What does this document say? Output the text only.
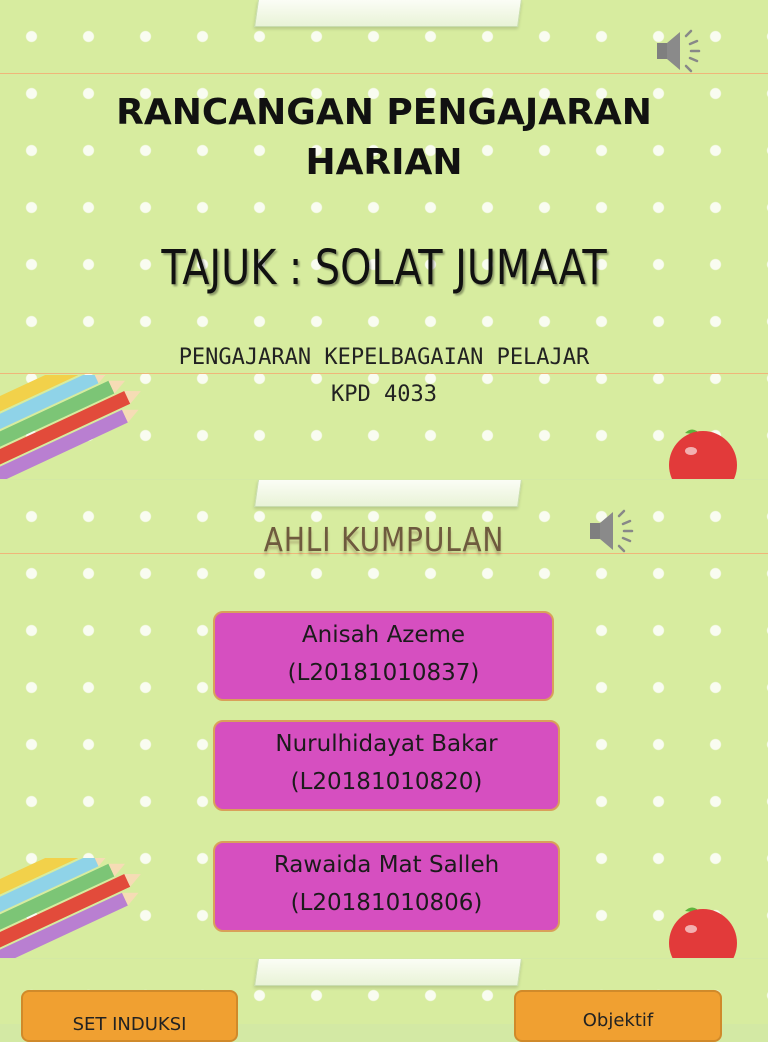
RANCANGAN PENGAJARAN
HARIAN
TAJUK : SOLAT JUMAAT
PENGAJARAN KEPELBAGAIAN PELAJAR
KPD 4033
AHLI KUMPULAN
Anisah Azeme
(L20181010837)
Nurulhidayat Bakar
(L20181010820)
Rawaida Mat Salleh
(L20181010806)
SET INDUKSI	Objektif
